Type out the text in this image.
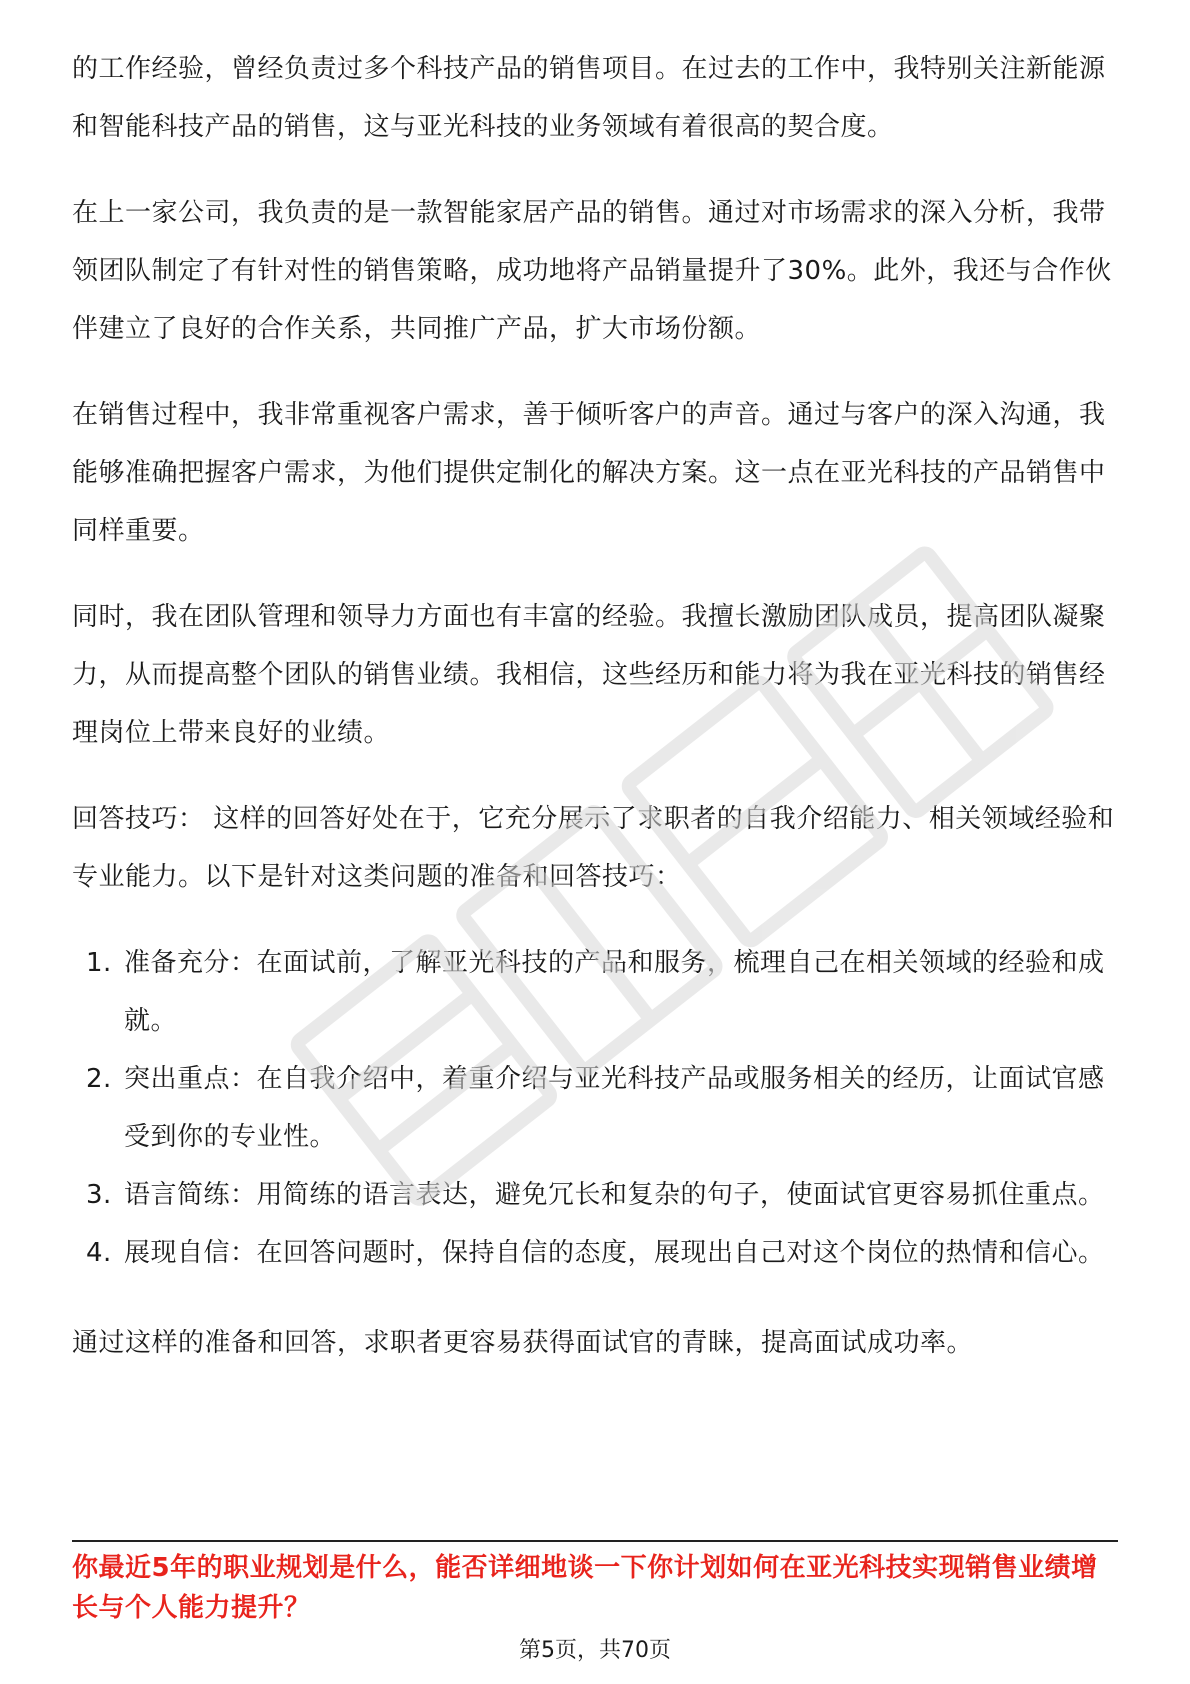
的工作经验，曾经负责过多个科技产品的销售项目。在过去的工作中，我特别关注新能源和智能科技产品的销售，这与亚光科技的业务领域有着很高的契合度。

在上一家公司，我负责的是一款智能家居产品的销售。通过对市场需求的深入分析，我带领团队制定了有针对性的销售策略，成功地将产品销量提升了30%。此外，我还与合作伙伴建立了良好的合作关系，共同推广产品，扩大市场份额。

在销售过程中，我非常重视客户需求，善于倾听客户的声音。通过与客户的深入沟通，我能够准确把握客户需求，为他们提供定制化的解决方案。这一点在亚光科技的产品销售中同样重要。

同时，我在团队管理和领导力方面也有丰富的经验。我擅长激励团队成员，提高团队凝聚力，从而提高整个团队的销售业绩。我相信，这些经历和能力将为我在亚光科技的销售经理岗位上带来良好的业绩。

回答技巧： 这样的回答好处在于，它充分展示了求职者的自我介绍能力、相关领域经验和专业能力。以下是针对这类问题的准备和回答技巧：

1. 准备充分：在面试前，了解亚光科技的产品和服务，梳理自己在相关领域的经验和成就。
2. 突出重点：在自我介绍中，着重介绍与亚光科技产品或服务相关的经历，让面试官感受到你的专业性。
3. 语言简练：用简练的语言表达，避免冗长和复杂的句子，使面试官更容易抓住重点。
4. 展现自信：在回答问题时，保持自信的态度，展现出自己对这个岗位的热情和信心。

通过这样的准备和回答，求职者更容易获得面试官的青睐，提高面试成功率。

你最近5年的职业规划是什么，能否详细地谈一下你计划如何在亚光科技实现销售业绩增长与个人能力提升？
第5页，共70页
